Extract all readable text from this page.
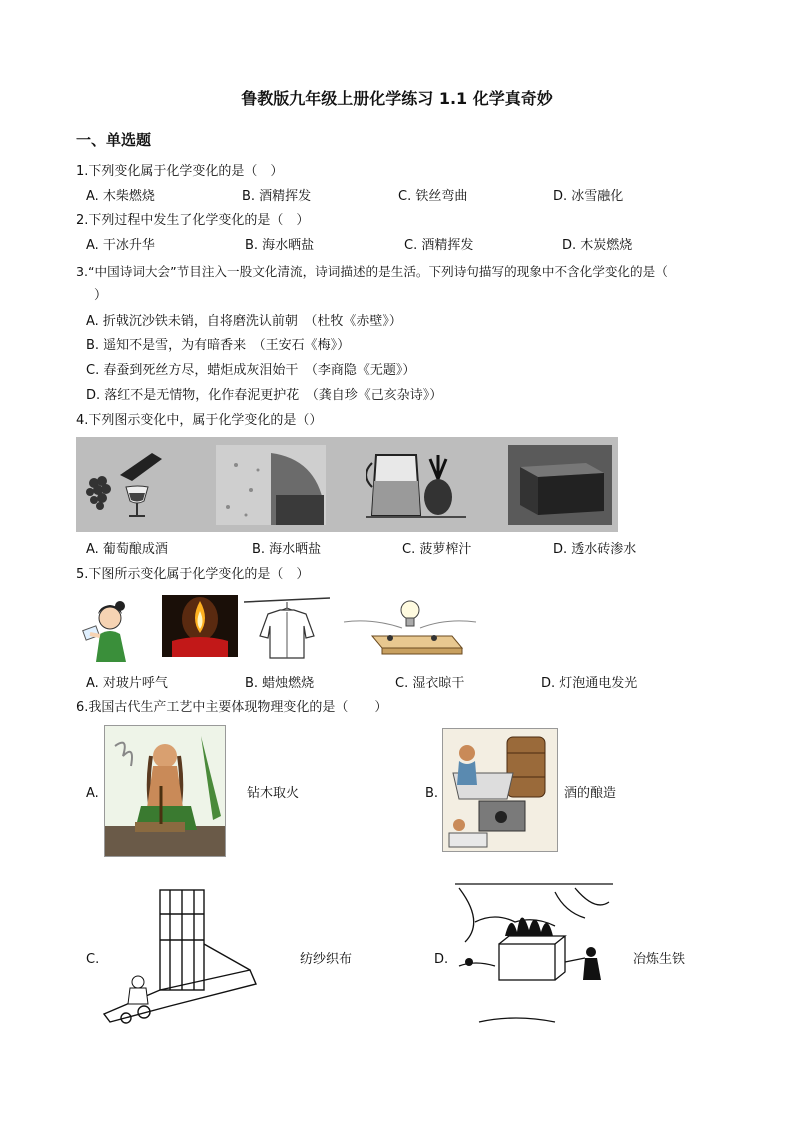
鲁教版九年级上册化学练习 1.1 化学真奇妙
一、单选题
1.下列变化属于化学变化的是（　）
A. 木柴燃烧	B. 酒精挥发	C. 铁丝弯曲	D. 冰雪融化
2.下列过程中发生了化学变化的是（　）
A. 干冰升华	B. 海水晒盐	C. 酒精挥发	D. 木炭燃烧
3.“中国诗词大会”节目注入一股文化清流，诗词描述的是生活。下列诗句描写的现象中不含化学变化的是（
）
A. 折戟沉沙铁未销，自将磨洗认前朝　（杜牧《赤壁》）
B. 遥知不是雪，为有暗香来　（王安石《梅》）
C. 春蚕到死丝方尽，蜡炬成灰泪始干　（李商隐《无题》）
D. 落红不是无情物，化作春泥更护花　（龚自珍《己亥杂诗》）
4.下列图示变化中，属于化学变化的是（）
A. 葡萄酿成酒	B. 海水晒盐	C. 菠萝榨汁	D. 透水砖渗水
5.下图所示变化属于化学变化的是（　）
A. 对玻片呼气	B. 蜡烛燃烧	C. 湿衣晾干	D. 灯泡通电发光
6.我国古代生产工艺中主要体现物理变化的是（　　）
A.	钻木取火	B.	酒的酿造
C.	纺纱织布	D.	冶炼生铁
